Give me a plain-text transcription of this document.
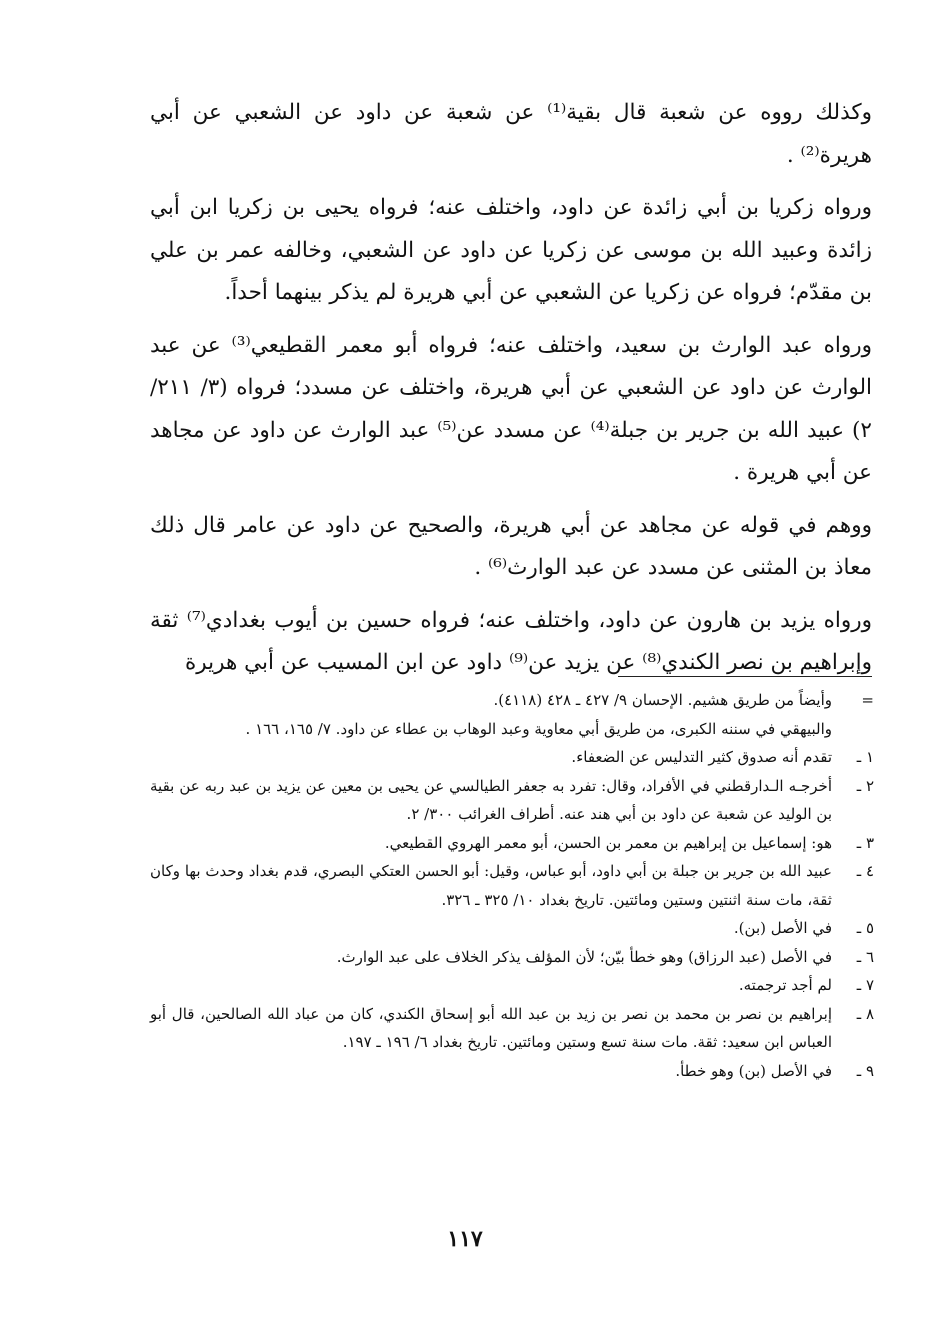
وكذلك رووه عن شعبة قال بقية⁽¹⁾ عن شعبة عن داود عن الشعبي عن أبي هريرة⁽²⁾ .

ورواه زكريا بن أبي زائدة عن داود، واختلف عنه؛ فرواه يحيى بن زكريا ابن أبي زائدة وعبيد الله بن موسى عن زكريا عن داود عن الشعبي، وخالفه عمر بن علي بن مقدّم؛ فرواه عن زكريا عن الشعبي عن أبي هريرة لم يذكر بينهما أحداً.

ورواه عبد الوارث بن سعيد، واختلف عنه؛ فرواه أبو معمر القطيعي⁽³⁾ عن عبد الوارث عن داود عن الشعبي عن أبي هريرة، واختلف عن مسدد؛ فرواه (٣/ ٢١١/ ٢) عبيد الله بن جرير بن جبلة⁽⁴⁾ عن مسدد عن⁽⁵⁾ عبد الوارث عن داود عن مجاهد عن أبي هريرة .

ووهم في قوله عن مجاهد عن أبي هريرة، والصحيح عن داود عن عامر قال ذلك معاذ بن المثنى عن مسدد عن عبد الوارث⁽⁶⁾ .

ورواه يزيد بن هارون عن داود، واختلف عنه؛ فرواه حسين بن أيوب بغدادي⁽⁷⁾ ثقة وإبراهيم بن نصر الكندي⁽⁸⁾ عن يزيد عن⁽⁹⁾ داود عن ابن المسيب عن أبي هريرة

=
وأيضاً من طريق هشيم. الإحسان ٩/ ٤٢٧ ـ ٤٢٨ (٤١١٨).
والبيهقي في سننه الكبرى، من طريق أبي معاوية وعبد الوهاب بن عطاء عن داود. ٧/ ١٦٥، ١٦٦ .
١ ـ
تقدم أنه صدوق كثير التدليس عن الضعفاء.
٢ ـ
أخرجـه الـدارقطني في الأفراد، وقال: تفرد به جعفر الطيالسي عن يحيى بن معين عن يزيد بن عبد ربه عن بقية بن الوليد عن شعبة عن داود بن أبي هند عنه. أطراف الغرائب ٣٠٠/ ٢.
٣ ـ
هو: إسماعيل بن إبراهيم بن معمر بن الحسن، أبو معمر الهروي القطيعي.
٤ ـ
عبيد الله بن جرير بن جبلة بن أبي داود، أبو عباس، وقيل: أبو الحسن العتكي البصري، قدم بغداد وحدث بها وكان ثقة، مات سنة اثنتين وستين ومائتين. تاريخ بغداد ١٠/ ٣٢٥ ـ ٣٢٦.
٥ ـ
في الأصل (بن).
٦ ـ
في الأصل (عبد الرزاق) وهو خطأ بيّن؛ لأن المؤلف يذكر الخلاف على عبد الوارث.
٧ ـ
لم أجد ترجمته.
٨ ـ
إبراهيم بن نصر بن محمد بن نصر بن زيد بن عبد الله أبو إسحاق الكندي، كان من عباد الله الصالحين، قال أبو العباس ابن سعيد: ثقة. مات سنة تسع وستين ومائتين. تاريخ بغداد ٦/ ١٩٦ ـ ١٩٧.
٩ ـ
في الأصل (بن) وهو خطأ.
١١٧
